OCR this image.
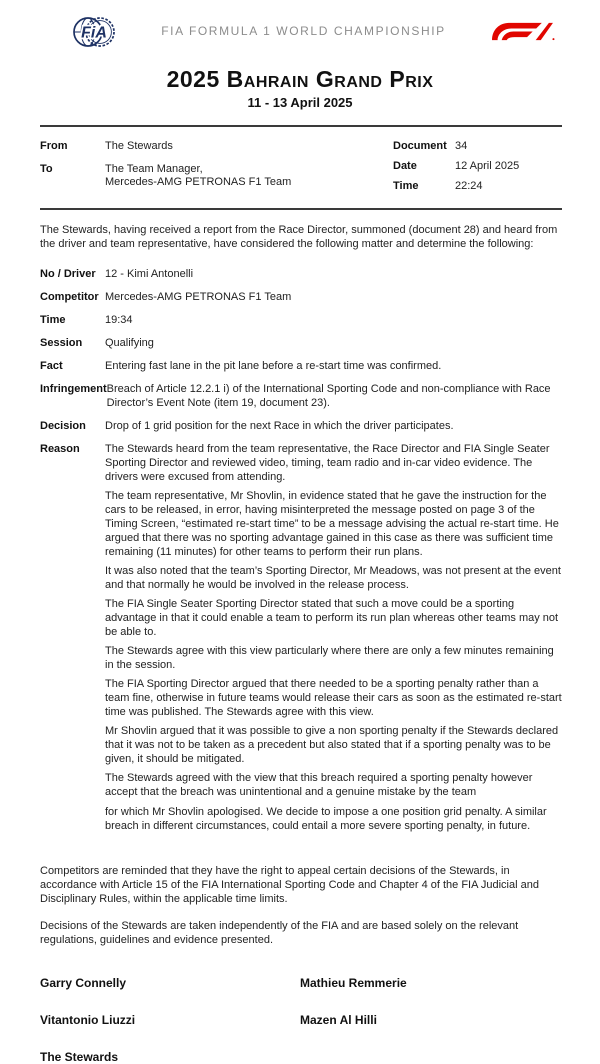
FiA	FIA FORMULA 1 WORLD CHAMPIONSHIP
2025 Bahrain Grand Prix
11 - 13 April 2025
From	The Stewards
To	The Team Manager,
Mercedes-AMG PETRONAS F1 Team
Document 34
Date	12 April 2025
Time	22:24
The Stewards, having received a report from the Race Director, summoned (document 28) and heard from the driver and team representative, have considered the following matter and determine the following:
No / Driver 12 - Kimi Antonelli
Competitor Mercedes-AMG PETRONAS F1 Team
Time	19:34
Session	Qualifying
Fact	Entering fast lane in the pit lane before a re-start time was confirmed.
Infringement Breach of Article 12.2.1 i) of the International Sporting Code and non-compliance with Race Director’s Event Note (item 19, document 23).
Decision	Drop of 1 grid position for the next Race in which the driver participates.
Reason	The Stewards heard from the team representative, the Race Director and FIA Single Seater Sporting Director and reviewed video, timing, team radio and in-car video evidence. The drivers were excused from attending.

The team representative, Mr Shovlin, in evidence stated that he gave the instruction for the cars to be released, in error, having misinterpreted the message posted on page 3 of the Timing Screen, “estimated re-start time” to be a message advising the actual re-start time. He argued that there was no sporting advantage gained in this case as there was sufficient time remaining (11 minutes) for other teams to perform their run plans.

It was also noted that the team’s Sporting Director, Mr Meadows, was not present at the event and that normally he would be involved in the release process.

The FIA Single Seater Sporting Director stated that such a move could be a sporting advantage in that it could enable a team to perform its run plan whereas other teams may not be able to.

The Stewards agree with this view particularly where there are only a few minutes remaining in the session.

The FIA Sporting Director argued that there needed to be a sporting penalty rather than a team fine, otherwise in future teams would release their cars as soon as the estimated re-start time was published. The Stewards agree with this view.

Mr Shovlin argued that it was possible to give a non sporting penalty if the Stewards declared that it was not to be taken as a precedent but also stated that if a sporting penalty was to be given, it should be mitigated.

The Stewards agreed with the view that this breach required a sporting penalty however accept that the breach was unintentional and a genuine mistake by the team

for which Mr Shovlin apologised. We decide to impose a one position grid penalty. A similar breach in different circumstances, could entail a more severe sporting penalty, in future.

Competitors are reminded that they have the right to appeal certain decisions of the Stewards, in accordance with Article 15 of the FIA International Sporting Code and Chapter 4 of the FIA Judicial and Disciplinary Rules, within the applicable time limits.

Decisions of the Stewards are taken independently of the FIA and are based solely on the relevant regulations, guidelines and evidence presented.

Garry Connelly	Mathieu Remmerie
Vitantonio Liuzzi	Mazen Al Hilli
The Stewards
